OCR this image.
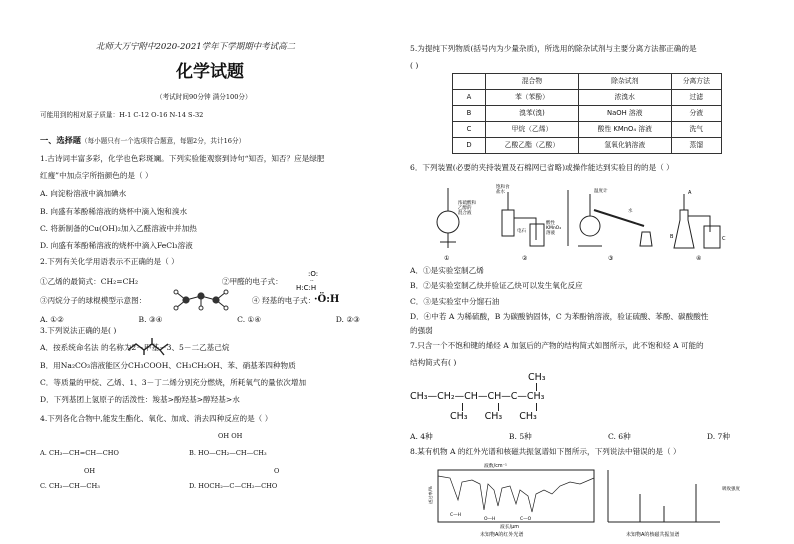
北师大万宁附中2020-2021学年下学期期中考试高二
化学试题
（考试时间90分钟 满分100分）
可能用到的相对原子质量：H-1 C-12 O-16 N-14 S-32
一、选择题（每小题只有一个选项符合题意，每题2分，共计16分）
1.古诗词丰富多彩，化学也色彩斑斓。下列实验能观察到诗句“知否，知否？应是绿肥
红瘦”中加点字所指颜色的是（ ）
A. 向淀粉溶液中滴加碘水
B. 向盛有苯酚稀溶液的烧杯中滴入饱和溴水
C. 将新制备的Cu(OH)₂加入乙醛溶液中并加热
D. 向盛有苯酚稀溶液的烧杯中滴入FeCl₃溶液
2.下列有关化学用语表示不正确的是（ ）
①乙烯的最简式：CH₂=CH₂	②甲醛的电子式：
:O:
··
H:C:H
③丙烷分子的球棍模型示意图：	④ 羟基的电子式：
·Ö:H
A. ①②	B. ③④	C. ①④	D. ②③
3.下列说法正确的是( )
A．按系统命名法 的名称为2－甲基－3、5－二乙基己烷
B．用Na₂CO₃溶液能区分CH₃COOH、CH₃CH₂OH、苯、硝基苯四种物质
C．等质量的甲烷、乙烯、1、3－丁二烯分别充分燃烧，所耗氧气的量依次增加
D．下列基团上氢原子的活泼性：羧基>酚羟基>醇羟基>水
4.下列各化合物中,能发生酯化、氧化、加成、消去四种反应的是（ ）
A. CH₃—CH=CH—CHO
OH OH
B. HO—CH₂—CH—CH₃
OH
C. CH₃—CH—CH₃
O
D. HOCH₂—C—CH₂—CHO
5.为提纯下列物质(括号内为少量杂质)，所选用的除杂试剂与主要分离方法都正确的是
( )
	混合物	除杂试剂	分离方法
A	苯（苯酚）	浓溴水	过滤
B	溴苯(溴)	NaOH 溶液	分液
C	甲烷（乙烯）	酸性 KMnO₄ 溶液	洗气
D	乙酸乙酯（乙酸）	氢氧化钠溶液	蒸馏
6．下列装置(必要的夹持装置及石棉网已省略)或操作能达到实验目的的是（ ）
浓硫酸和
乙醇的
混合液
①
饱和食
盐水
电石
酸性
KMnO₄
溶液
②
温度计
水
③
A
B	C
④
A．①是实验室制乙烯
B．②是实验室制乙炔并验证乙炔可以发生氧化反应
C．③是实验室中分馏石油
D．④中若 A 为稀硫酸，B 为碳酸钠固体，C 为苯酚钠溶液，验证硫酸、苯酚、碳酸酸性
的强弱
7.只含一个不饱和键的烯烃 A 加氢后的产物的结构简式如图所示，此不饱和烃 A 可能的
结构简式有( )
CH₃
CH₃—CH₂—CH—CH—C—CH₃
CH₃ CH₃ CH₃
A. 4种	B. 5种	C. 6种	D. 7种
8.某有机物 A 的红外光谱和核磁共振氢谱如下图所示，下列说法中错误的是（ ）
波数/cm⁻¹
C—H
O—H	C—O
透过率/%
波长/μm
未知物A的红外光谱
吸收强度
未知物A的核磁共振氢谱
